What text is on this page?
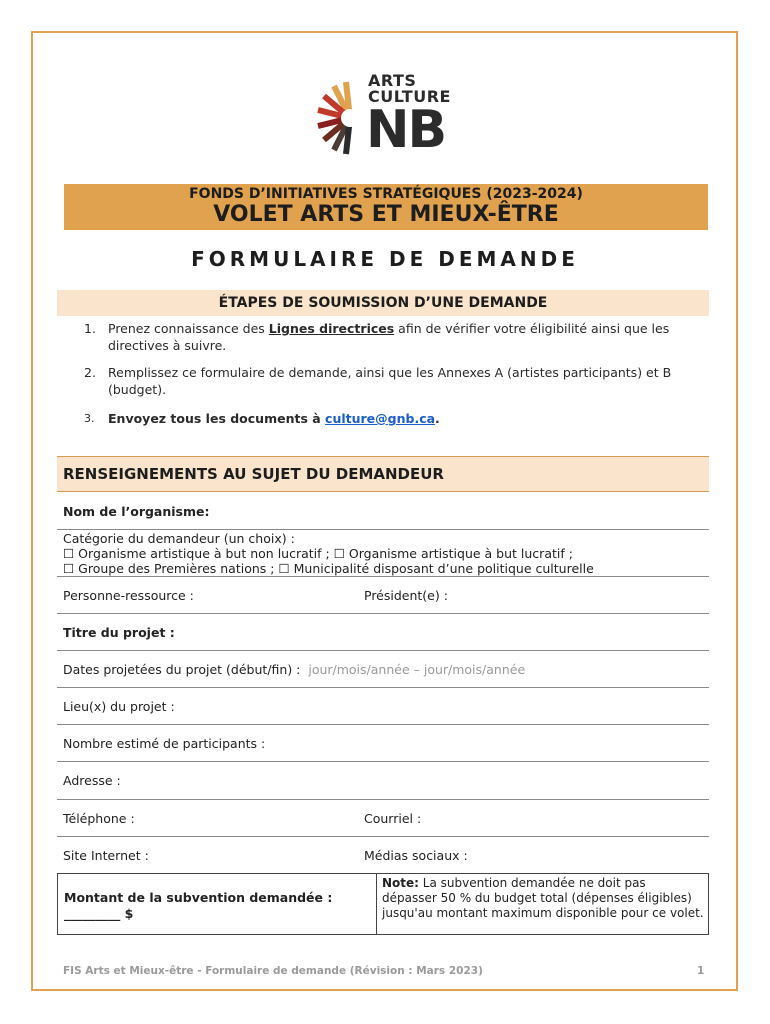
ARTS
CULTURE
NB
FONDS D’INITIATIVES STRATÉGIQUES (2023-2024)
VOLET ARTS ET MIEUX-ÊTRE
FORMULAIRE DE DEMANDE
ÉTAPES DE SOUMISSION D’UNE DEMANDE
1. Prenez connaissance des Lignes directrices afin de vérifier votre éligibilité ainsi que les directives à suivre.
2. Remplissez ce formulaire de demande, ainsi que les Annexes A (artistes participants) et B (budget).
3. Envoyez tous les documents à culture@gnb.ca.
RENSEIGNEMENTS AU SUJET DU DEMANDEUR
Nom de l’organisme:
Catégorie du demandeur (un choix) :
☐ Organisme artistique à but non lucratif ; ☐ Organisme artistique à but lucratif ;
☐ Groupe des Premières nations ; ☐ Municipalité disposant d’une politique culturelle
Personne-ressource :	Président(e) :
Titre du projet :
Dates projetées du projet (début/fin) : jour/mois/année – jour/mois/année
Lieu(x) du projet :
Nombre estimé de participants :
Adresse :
Téléphone :	Courriel :
Site Internet :	Médias sociaux :
Montant de la subvention demandée :
_________ $
Note: La subvention demandée ne doit pas dépasser 50 % du budget total (dépenses éligibles) jusqu'au montant maximum disponible pour ce volet.
FIS Arts et Mieux-être - Formulaire de demande (Révision : Mars 2023)	1
